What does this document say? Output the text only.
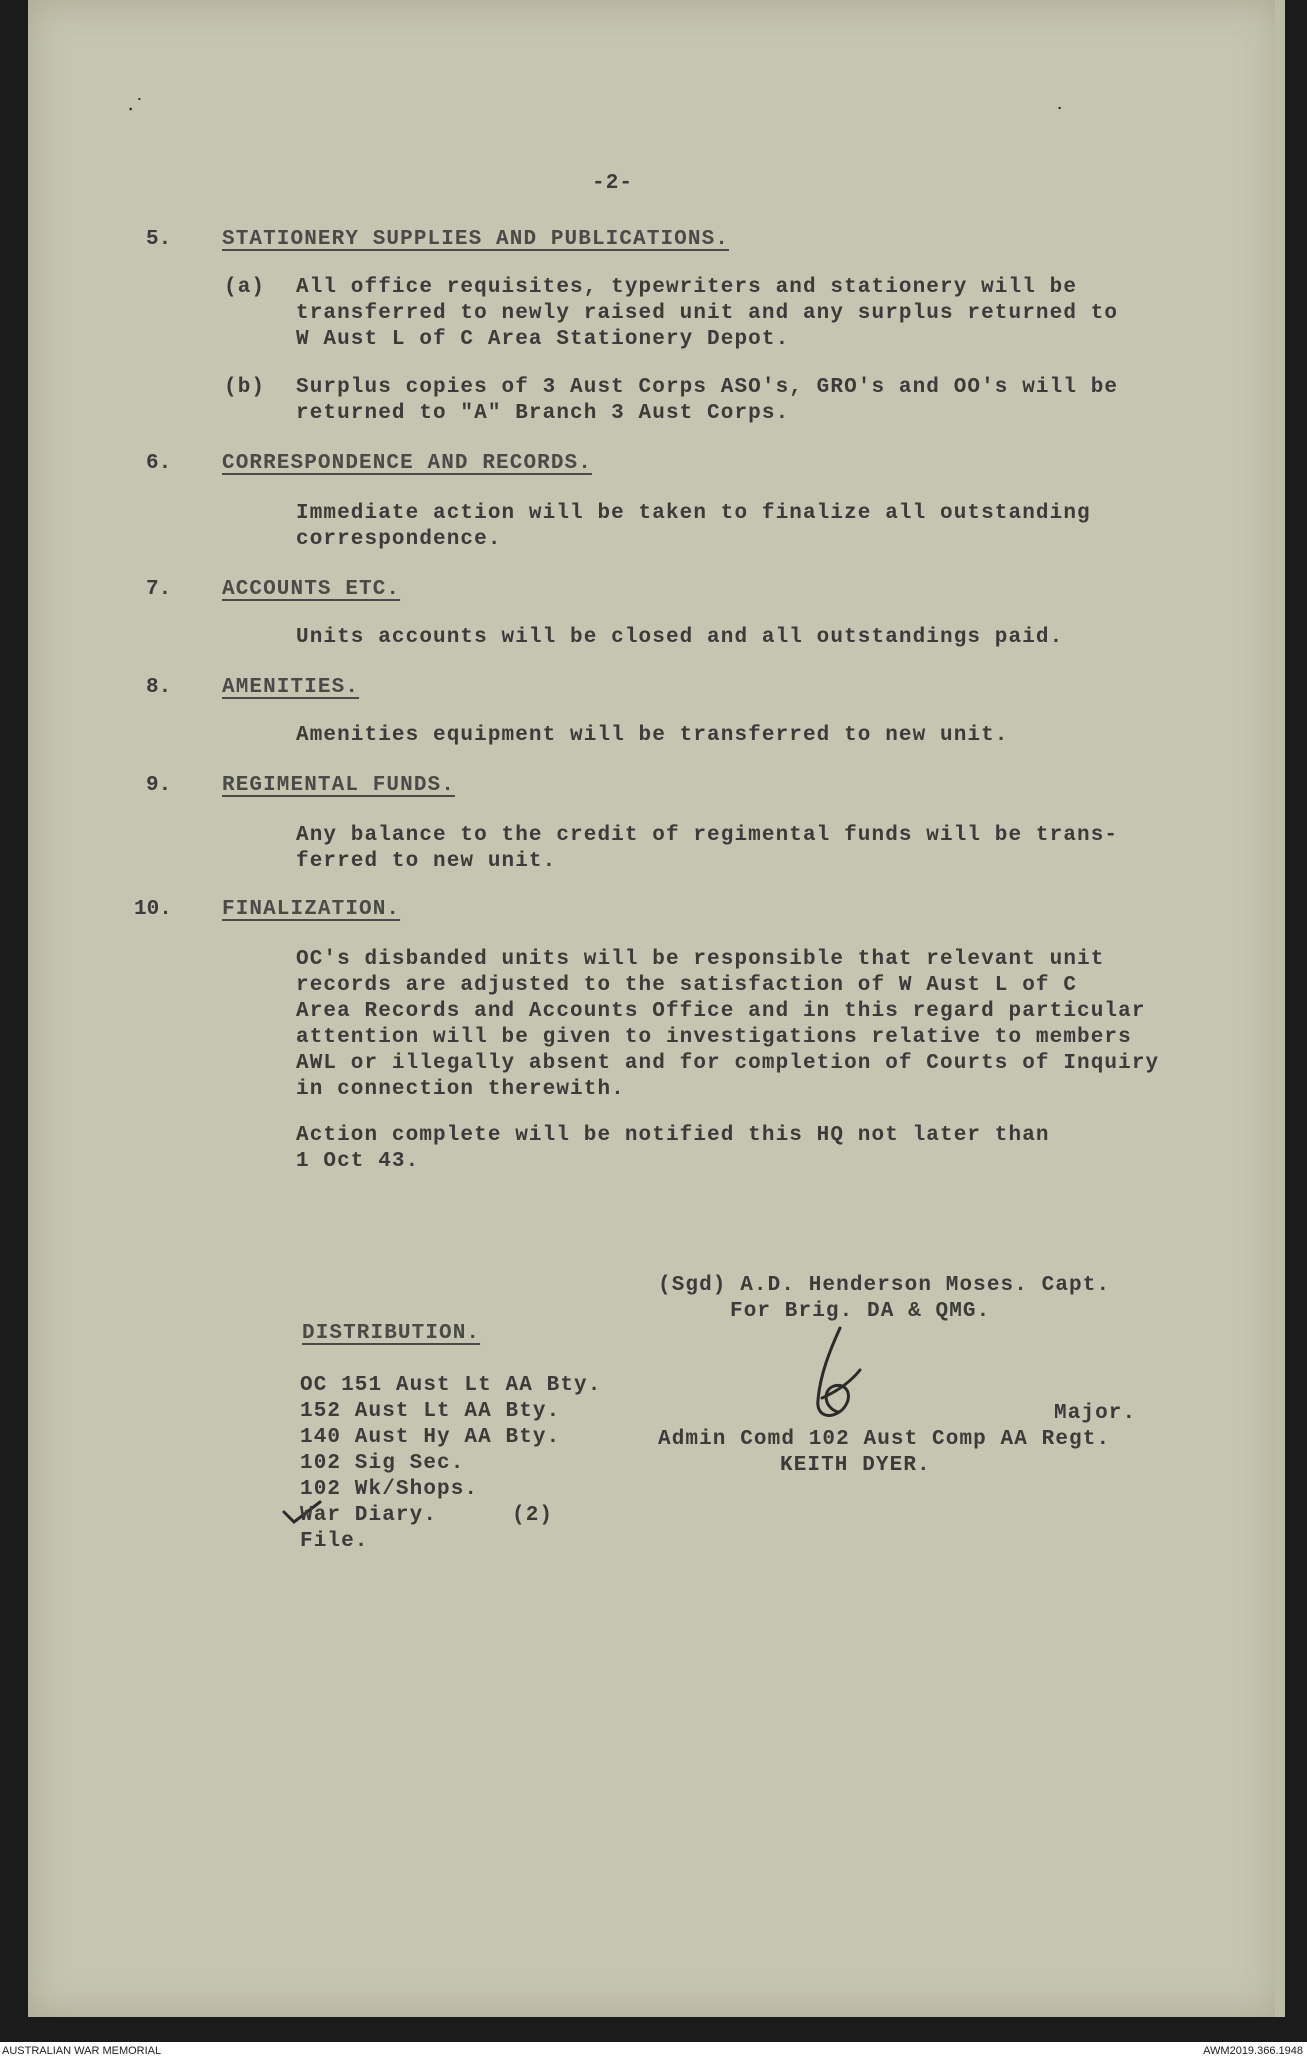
⸳˙	˙
-2-
5. STATIONERY SUPPLIES AND PUBLICATIONS.
(a) All office requisites, typewriters and stationery will be
transferred to newly raised unit and any surplus returned to
W Aust L of C Area Stationery Depot.
(b) Surplus copies of 3 Aust Corps ASO's, GRO's and OO's will be
returned to "A" Branch 3 Aust Corps.
6. CORRESPONDENCE AND RECORDS.
Immediate action will be taken to finalize all outstanding
correspondence.
7. ACCOUNTS ETC.
Units accounts will be closed and all outstandings paid.
8. AMENITIES.
Amenities equipment will be transferred to new unit.
9. REGIMENTAL FUNDS.
Any balance to the credit of regimental funds will be trans-
ferred to new unit.
10. FINALIZATION.
OC's disbanded units will be responsible that relevant unit
records are adjusted to the satisfaction of W Aust L of C
Area Records and Accounts Office and in this regard particular
attention will be given to investigations relative to members
AWL or illegally absent and for completion of Courts of Inquiry
in connection therewith.
Action complete will be notified this HQ not later than
1 Oct 43.
(Sgd) A.D. Henderson Moses. Capt.
For Brig. DA & QMG.
Major.
Admin Comd 102 Aust Comp AA Regt.
KEITH DYER.
DISTRIBUTION.
OC 151 Aust Lt AA Bty.
152 Aust Lt AA Bty.
140 Aust Hy AA Bty.
102 Sig Sec.
102 Wk/Shops.
War Diary.	(2)
File.
AUSTRALIAN WAR MEMORIAL	AWM2019.366.1948
